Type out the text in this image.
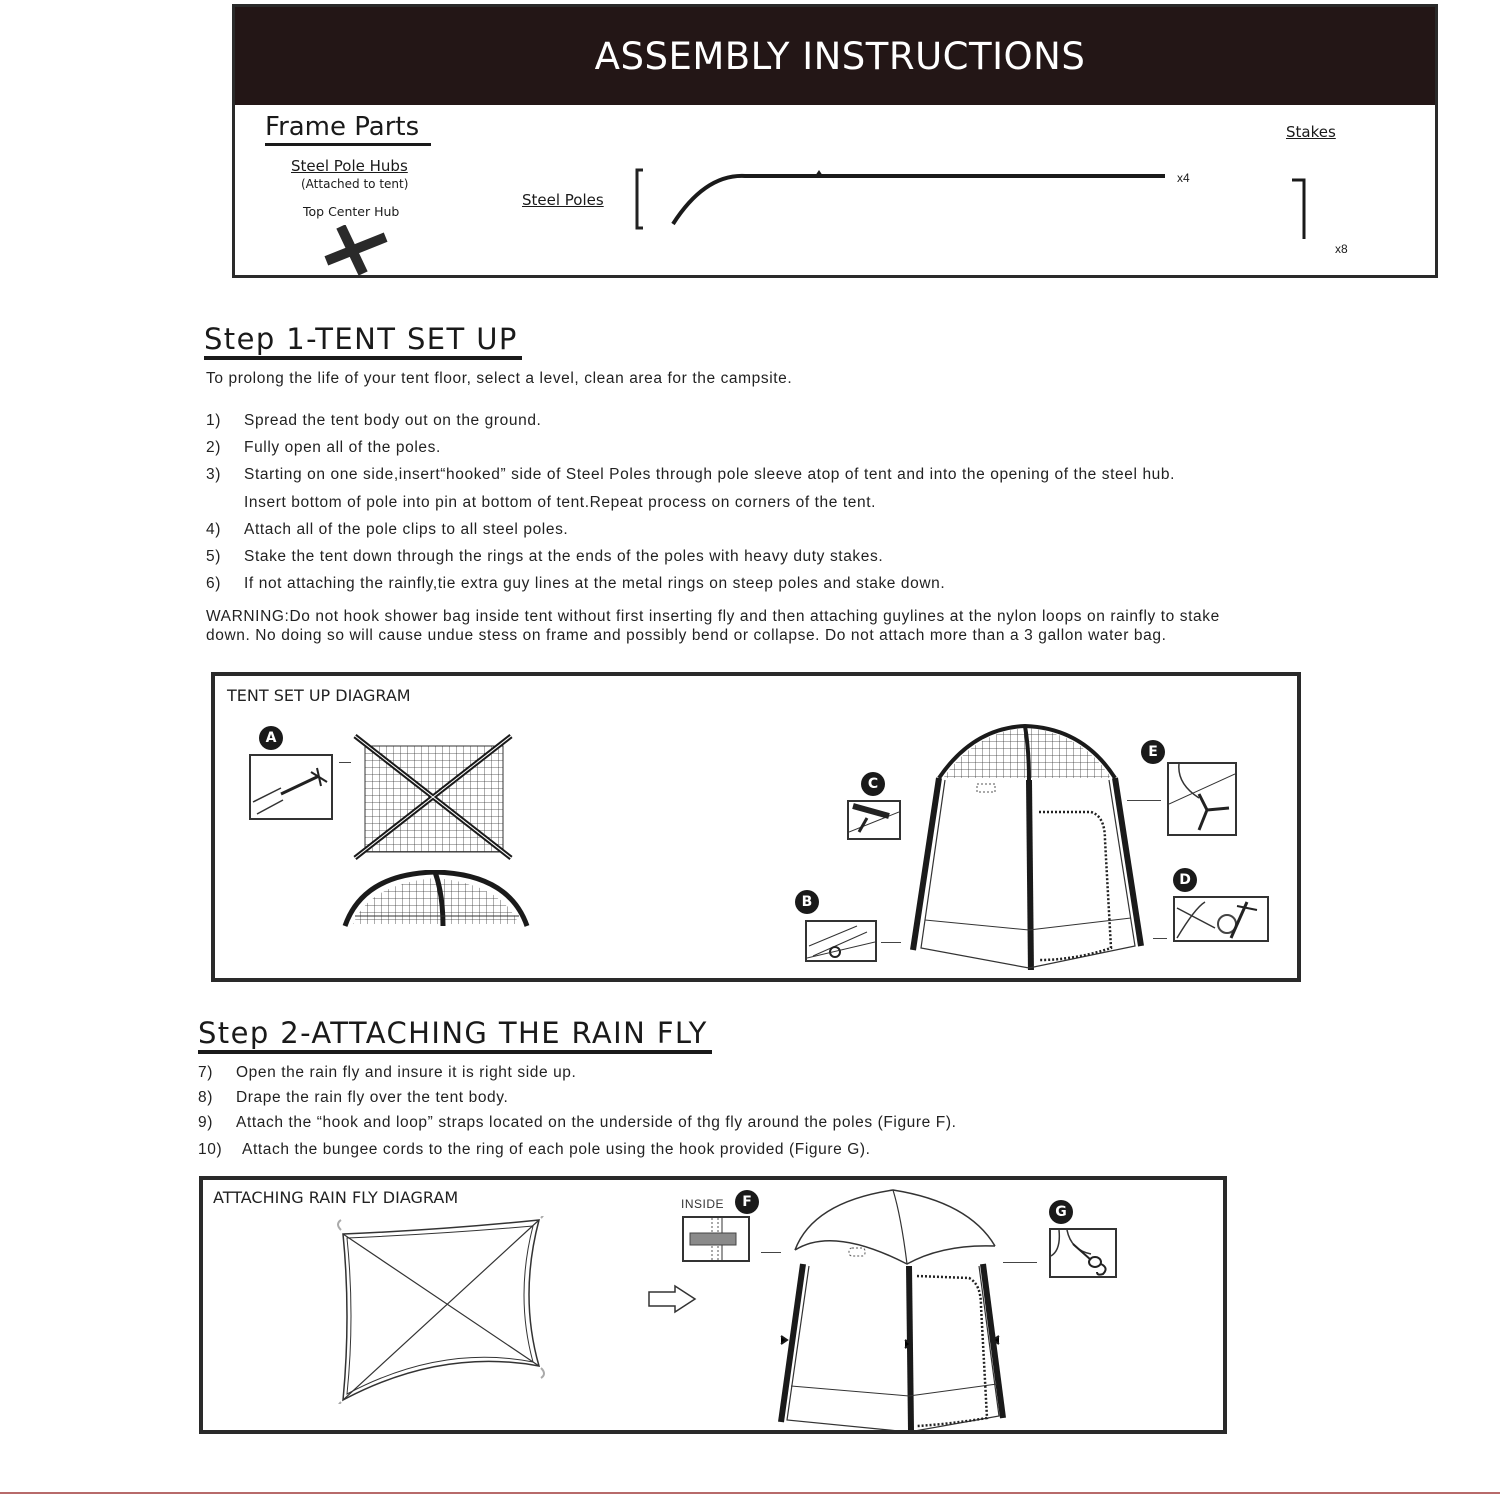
ASSEMBLY INSTRUCTIONS
Frame Parts
Steel Pole Hubs
(Attached to tent)
Top Center Hub
Steel Poles
x4
Stakes
x8
Step 1-TENT SET UP
To prolong the life of your tent floor, select a level, clean area for the campsite.
1) Spread the tent body out on the ground.
2) Fully open all of the poles.
3) Starting on one side,insert“hooked” side of Steel Poles through pole sleeve atop of tent and into the opening of the steel hub.
Insert bottom of pole into pin at bottom of tent.Repeat process on corners of the tent.
4) Attach all of the pole clips to all steel poles.
5) Stake the tent down through the rings at the ends of the poles with heavy duty stakes.
6) If not attaching the rainfly,tie extra guy lines at the metal rings on steep poles and stake down.
WARNING:Do not hook shower bag inside tent without first inserting fly and then attaching guylines at the nylon loops on rainfly to stake
down. No doing so will cause undue stess on frame and possibly bend or collapse. Do not attach more than a 3 gallon water bag.
TENT SET UP DIAGRAM
A
C
B
E
D
Step 2-ATTACHING THE RAIN FLY
7) Open the rain fly and insure it is right side up.
8) Drape the rain fly over the tent body.
9) Attach the “hook and loop” straps located on the underside of thg fly around the poles (Figure F).
10) Attach the bungee cords to the ring of each pole using the hook provided (Figure G).
ATTACHING RAIN FLY DIAGRAM	INSIDE	F
G
